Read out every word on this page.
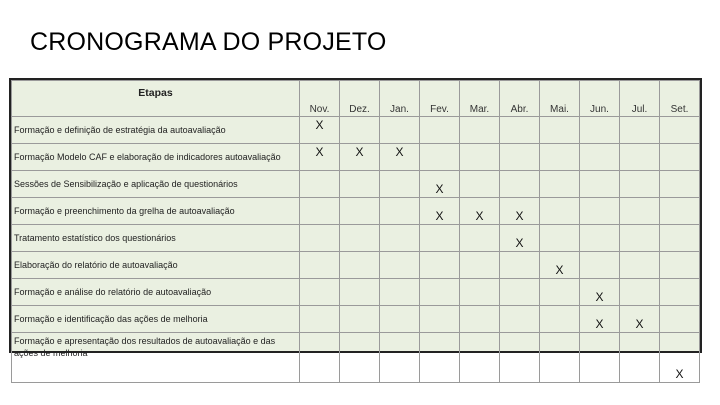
CRONOGRAMA DO PROJETO
Etapas	Nov.	Dez.	Jan.	Fev.	Mar.	Abr.	Mai.	Jun.	Jul.	Set.
Formação e definição de estratégia da autoavaliação	X									
Formação Modelo CAF e elaboração de indicadores autoavaliação	X	X	X							
Sessões de Sensibilização e aplicação de questionários				X						
Formação e preenchimento da grelha de autoavaliação				X	X	X				
Tratamento estatístico dos questionários						X				
Elaboração do relatório de autoavaliação							X			
Formação e análise do relatório de autoavaliação								X		
Formação e identificação das ações de melhoria								X	X	
Formação e apresentação dos resultados de autoavaliação e das ações de melhoria										X
